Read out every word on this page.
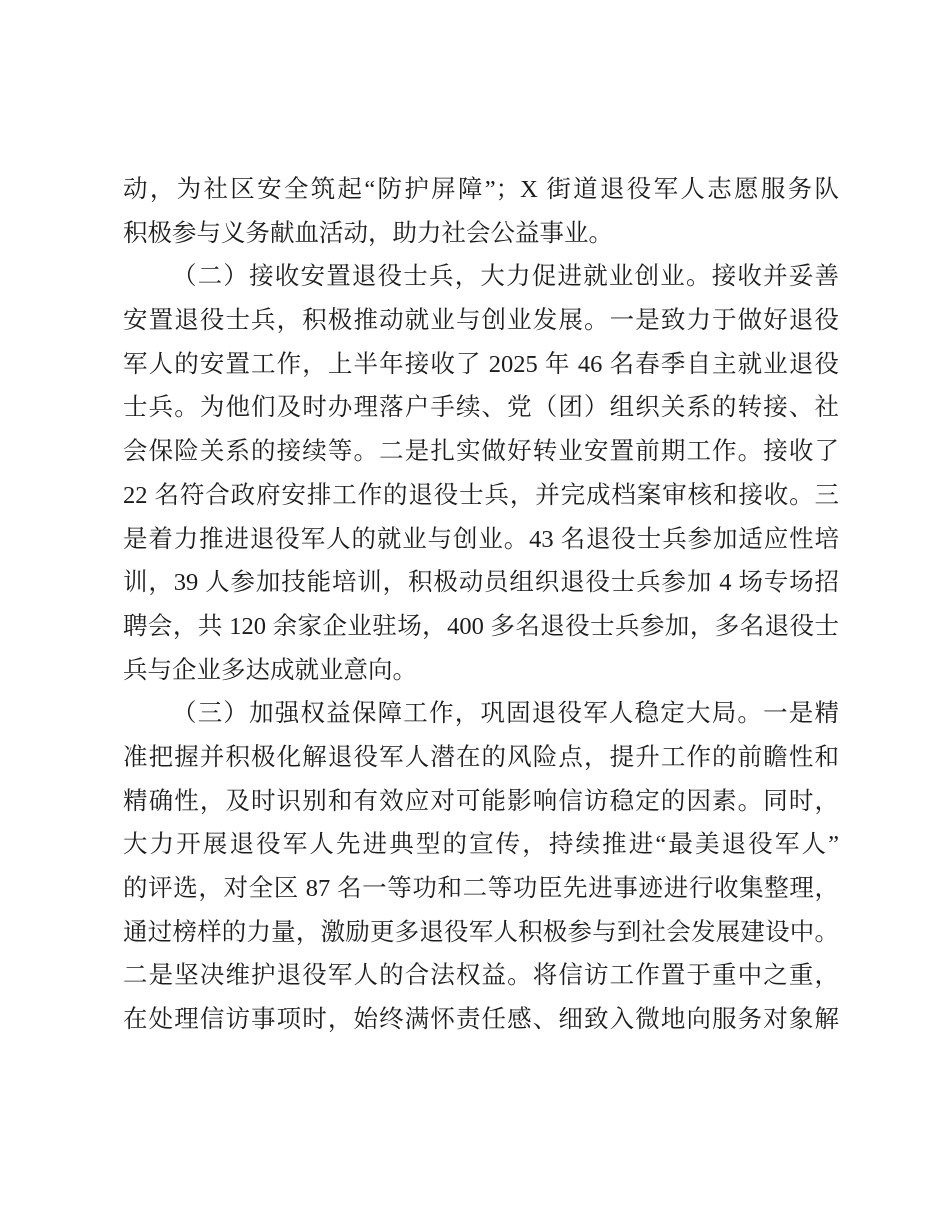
动，为社区安全筑起“防护屏障”；X 街道退役军人志愿服务队
积极参与义务献血活动，助力社会公益事业。
（二）接收安置退役士兵，大力促进就业创业。接收并妥善
安置退役士兵，积极推动就业与创业发展。一是致力于做好退役
军人的安置工作，上半年接收了 2025 年 46 名春季自主就业退役
士兵。为他们及时办理落户手续、党（团）组织关系的转接、社
会保险关系的接续等。二是扎实做好转业安置前期工作。接收了
22 名符合政府安排工作的退役士兵，并完成档案审核和接收。三
是着力推进退役军人的就业与创业。43 名退役士兵参加适应性培
训，39 人参加技能培训，积极动员组织退役士兵参加 4 场专场招
聘会，共 120 余家企业驻场，400 多名退役士兵参加，多名退役士
兵与企业多达成就业意向。
（三）加强权益保障工作，巩固退役军人稳定大局。一是精
准把握并积极化解退役军人潜在的风险点，提升工作的前瞻性和
精确性，及时识别和有效应对可能影响信访稳定的因素。同时，
大力开展退役军人先进典型的宣传，持续推进“最美退役军人”
的评选，对全区 87 名一等功和二等功臣先进事迹进行收集整理，
通过榜样的力量，激励更多退役军人积极参与到社会发展建设中。
二是坚决维护退役军人的合法权益。将信访工作置于重中之重，
在处理信访事项时，始终满怀责任感、细致入微地向服务对象解
